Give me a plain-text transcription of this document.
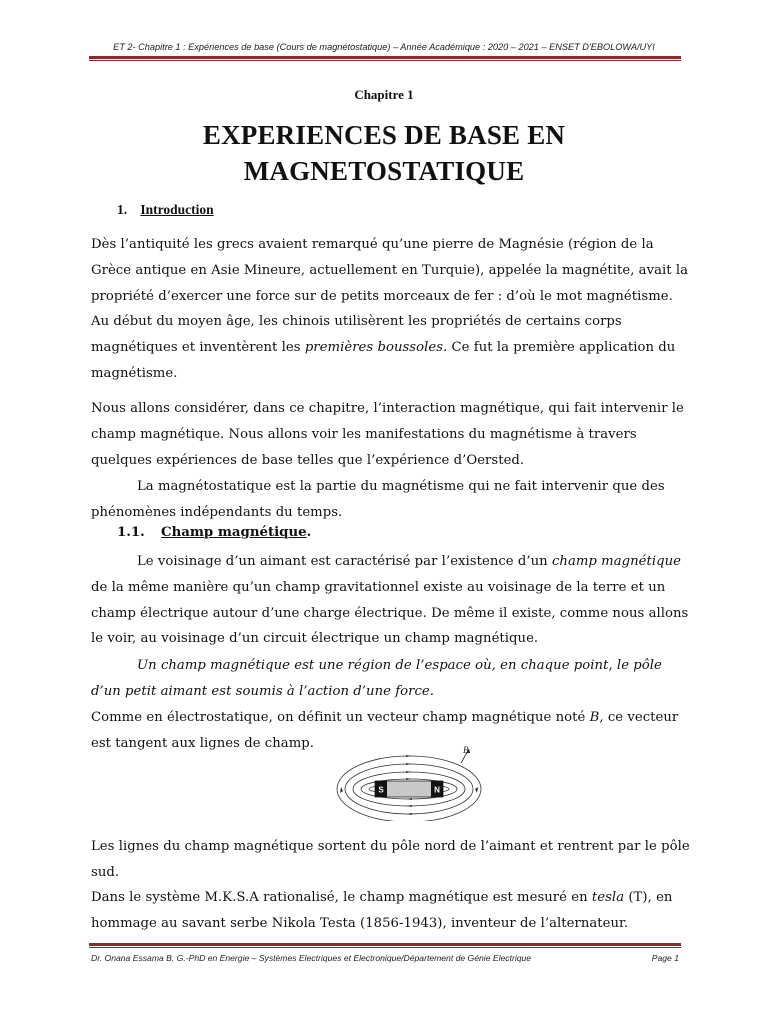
ET 2- Chapitre 1 : Expériences de base (Cours de magnétostatique) – Année Académique : 2020 – 2021 – ENSET D'EBOLOWA/UYI
Chapitre 1
EXPERIENCES DE BASE EN
MAGNETOSTATIQUE
1. Introduction
Dès l’antiquité les grecs avaient remarqué qu’une pierre de Magnésie (région de la Grèce antique en Asie Mineure, actuellement en Turquie), appelée la magnétite, avait la propriété d’exercer une force sur de petits morceaux de fer : d’où le mot magnétisme. Au début du moyen âge, les chinois utilisèrent les propriétés de certains corps magnétiques et inventèrent les premières boussoles. Ce fut la première application du magnétisme.
Nous allons considérer, dans ce chapitre, l’interaction magnétique, qui fait intervenir le champ magnétique. Nous allons voir les manifestations du magnétisme à travers quelques expériences de base telles que l’expérience d’Oersted.
La magnétostatique est la partie du magnétisme qui ne fait intervenir que des phénomènes indépendants du temps.
1.1. Champ magnétique.
Le voisinage d’un aimant est caractérisé par l’existence d’un champ magnétique de la même manière qu’un champ gravitationnel existe au voisinage de la terre et un champ électrique autour d’une charge électrique. De même il existe, comme nous allons le voir, au voisinage d’un circuit électrique un champ magnétique.
Un champ magnétique est une région de l’espace où, en chaque point, le pôle d’un petit aimant est soumis à l’action d’une force.
Comme en électrostatique, on définit un vecteur champ magnétique noté B, ce vecteur est tangent aux lignes de champ.
S	N
B
Les lignes du champ magnétique sortent du pôle nord de l’aimant et rentrent par le pôle sud.
Dans le système M.K.S.A rationalisé, le champ magnétique est mesuré en tesla (T), en hommage au savant serbe Nikola Testa (1856-1943), inventeur de l’alternateur.
Dr. Onana Essama B. G.-PhD en Energie – Systèmes Electriques et Electronique/Département de Génie Electrique	Page 1
